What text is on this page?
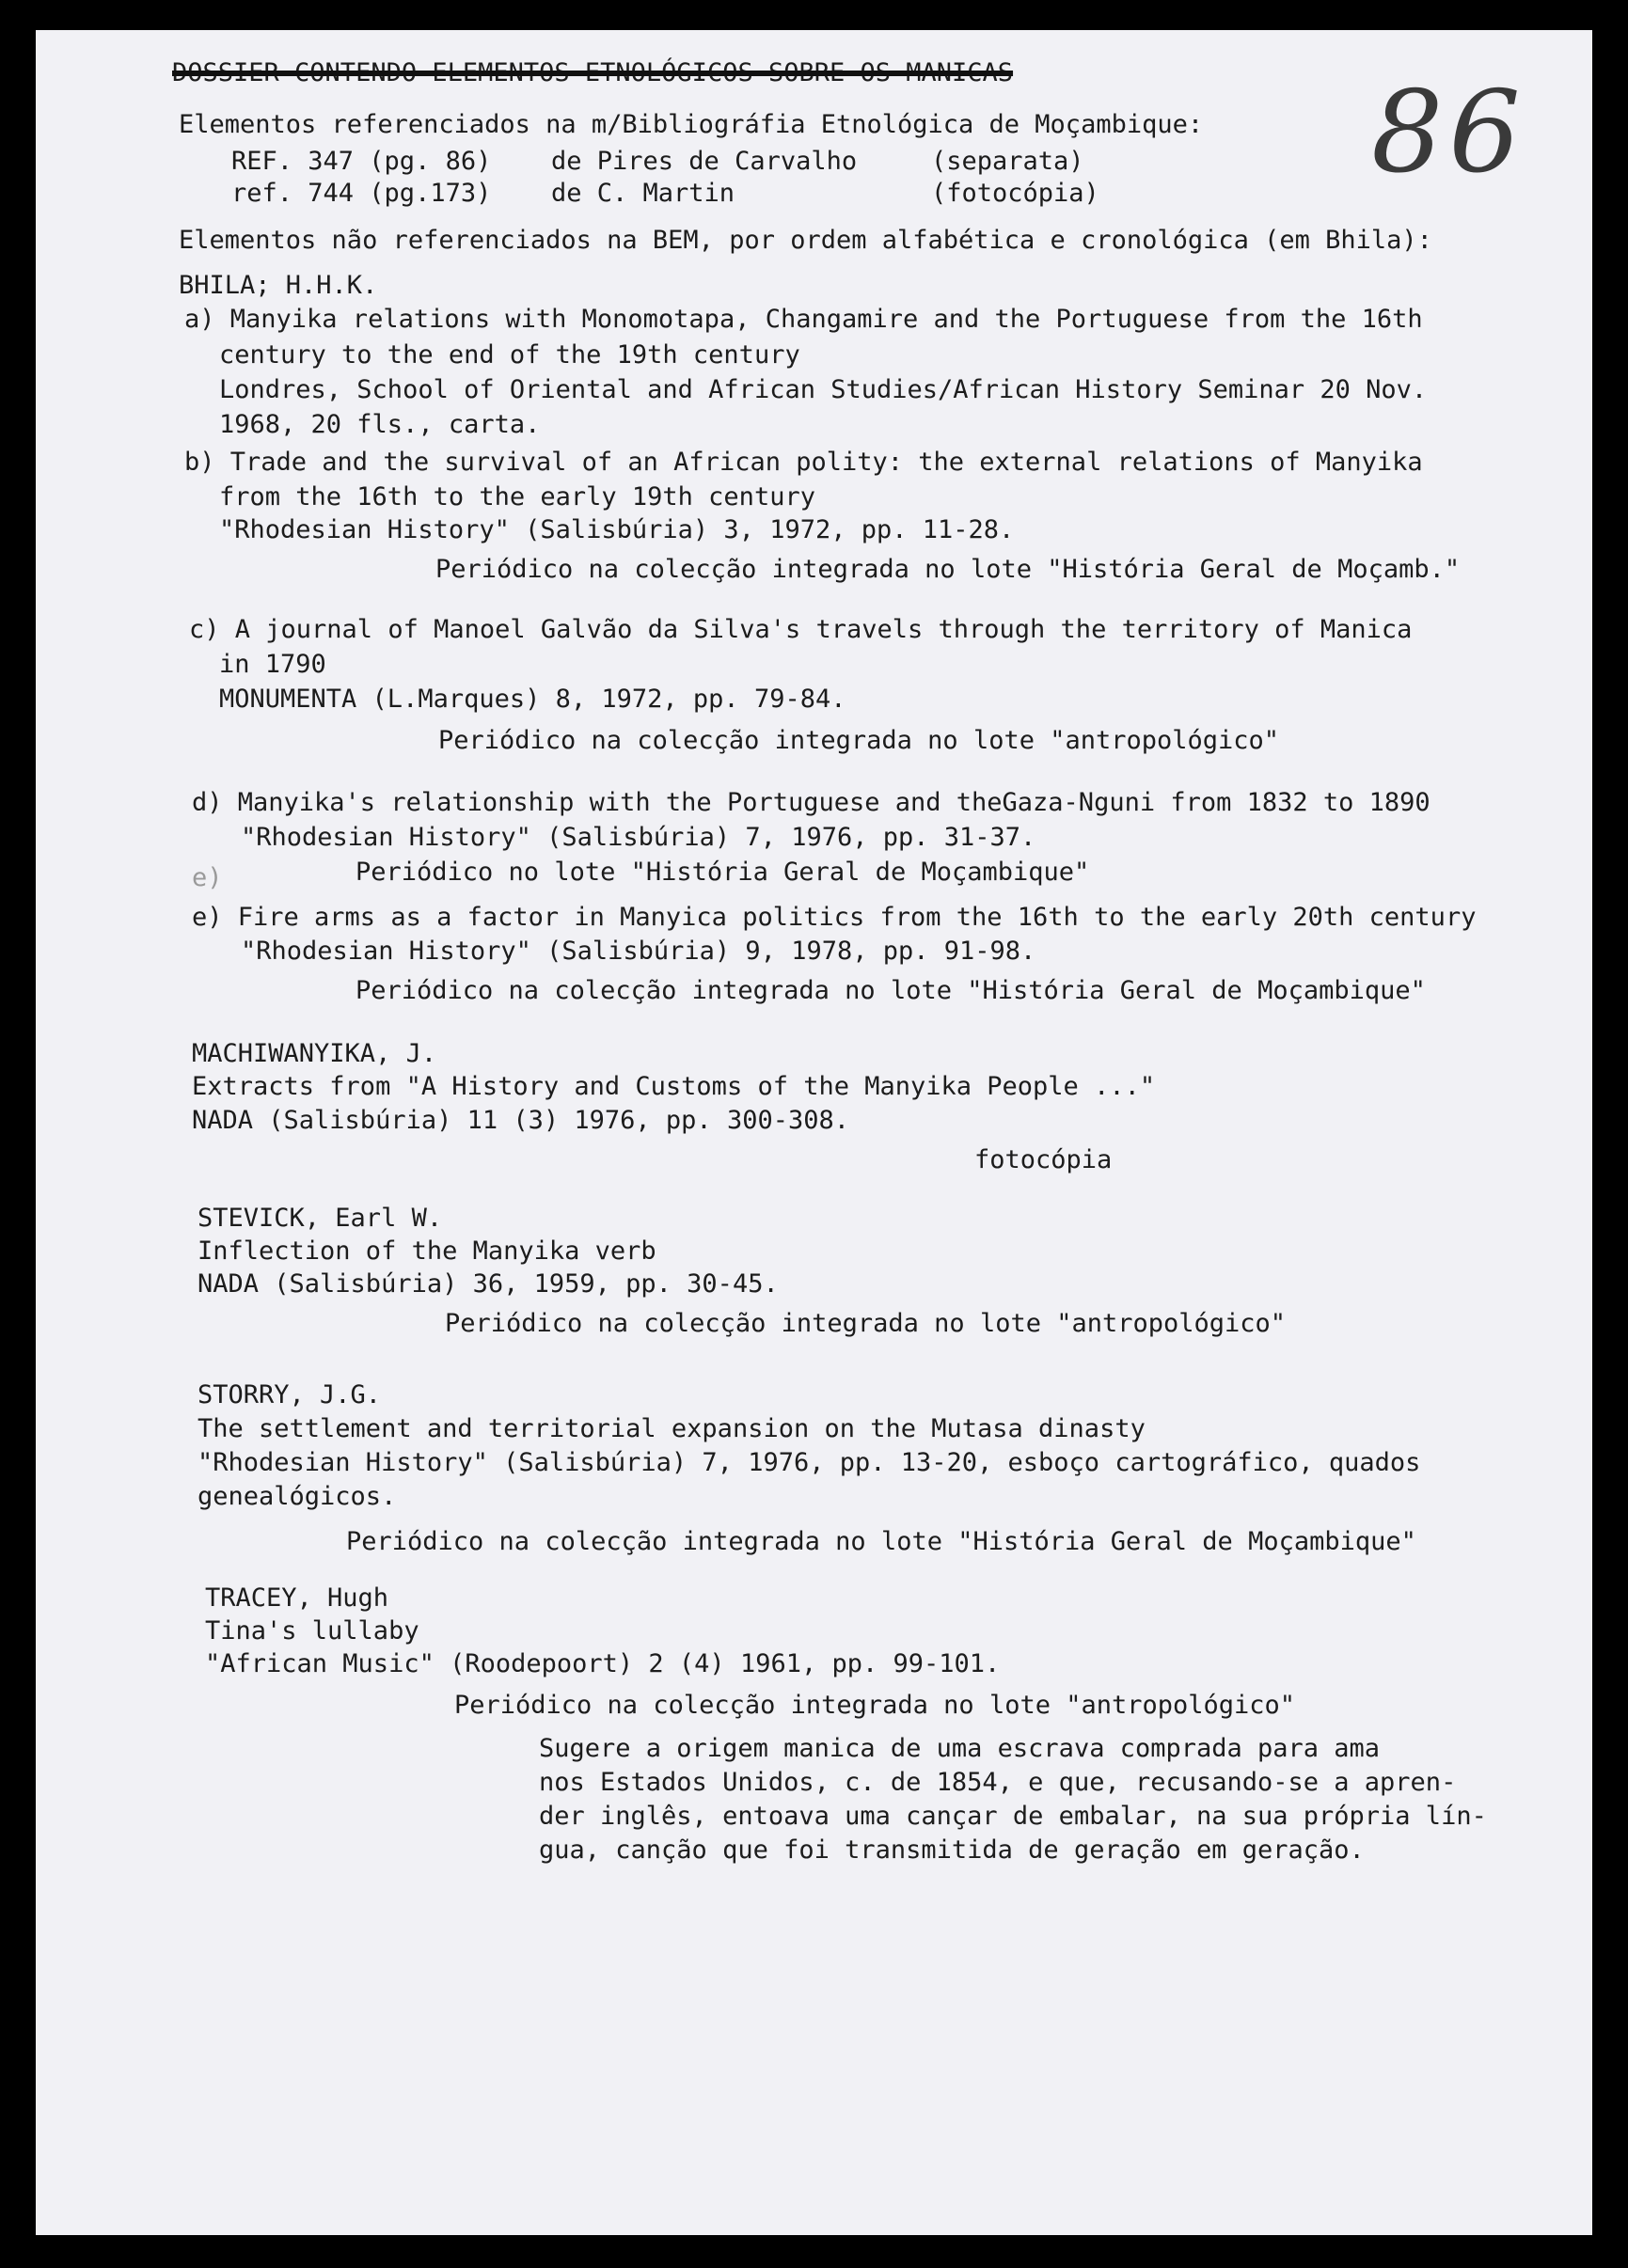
86
DOSSIER CONTENDO ELEMENTOS ETNOLÓGICOS SOBRE OS MANICAS
Elementos referenciados na m/Bibliográfia Etnológica de Moçambique:
REF. 347 (pg. 86) de Pires de Carvalho	(separata)
ref. 744 (pg.173) de C. Martin	(fotocópia)
Elementos não referenciados na BEM, por ordem alfabética e cronológica (em Bhila):
BHILA; H.H.K.
a) Manyika relations with Monomotapa, Changamire and the Portuguese from the 16th
century to the end of the 19th century
Londres, School of Oriental and African Studies/African History Seminar 20 Nov.
1968, 20 fls., carta.
b) Trade and the survival of an African polity: the external relations of Manyika
from the 16th to the early 19th century
"Rhodesian History" (Salisbúria) 3, 1972, pp. 11-28.
Periódico na colecção integrada no lote "História Geral de Moçamb."
c) A journal of Manoel Galvão da Silva's travels through the territory of Manica
in 1790
MONUMENTA (L.Marques) 8, 1972, pp. 79-84.
Periódico na colecção integrada no lote "antropológico"
d) Manyika's relationship with the Portuguese and theGaza-Nguni from 1832 to 1890
"Rhodesian History" (Salisbúria) 7, 1976, pp. 31-37.
e)	Periódico no lote "História Geral de Moçambique"
e) Fire arms as a factor in Manyica politics from the 16th to the early 20th century
"Rhodesian History" (Salisbúria) 9, 1978, pp. 91-98.
Periódico na colecção integrada no lote "História Geral de Moçambique"
MACHIWANYIKA, J.
Extracts from "A History and Customs of the Manyika People ..."
NADA (Salisbúria) 11 (3) 1976, pp. 300-308.
fotocópia
STEVICK, Earl W.
Inflection of the Manyika verb
NADA (Salisbúria) 36, 1959, pp. 30-45.
Periódico na colecção integrada no lote "antropológico"
STORRY, J.G.
The settlement and territorial expansion on the Mutasa dinasty
"Rhodesian History" (Salisbúria) 7, 1976, pp. 13-20, esboço cartográfico, quados
genealógicos.
Periódico na colecção integrada no lote "História Geral de Moçambique"
TRACEY, Hugh
Tina's lullaby
"African Music" (Roodepoort) 2 (4) 1961, pp. 99-101.
Periódico na colecção integrada no lote "antropológico"
Sugere a origem manica de uma escrava comprada para ama
nos Estados Unidos, c. de 1854, e que, recusando-se a apren-
der inglês, entoava uma cançar de embalar, na sua própria lín-
gua, canção que foi transmitida de geração em geração.
